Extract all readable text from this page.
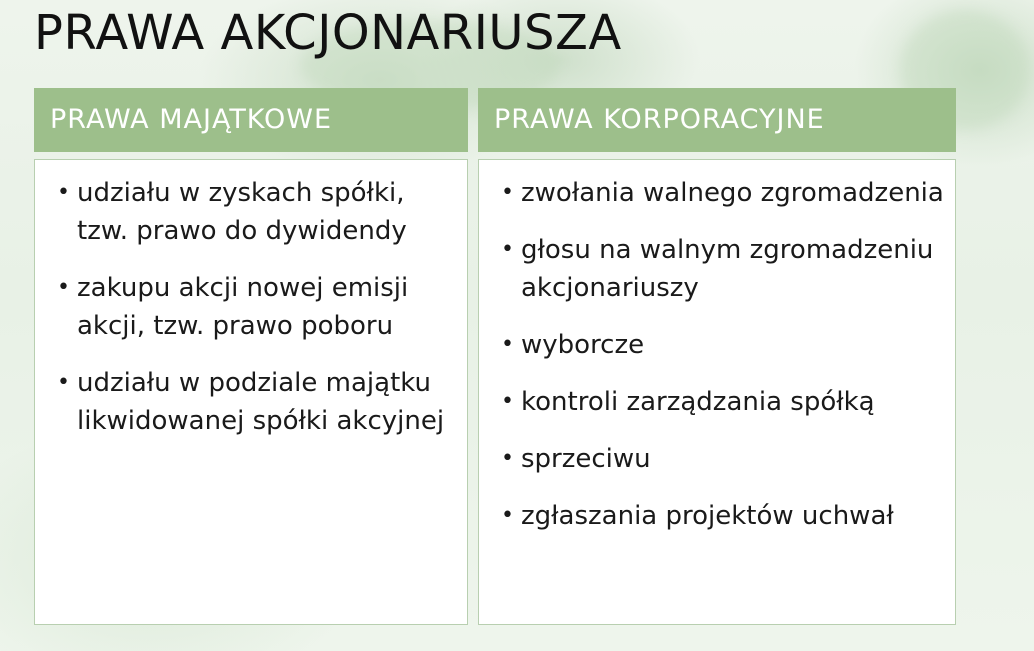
PRAWA AKCJONARIUSZA
PRAWA MAJĄTKOWE
• udziału w zyskach spółki, tzw. prawo do dywidendy
• zakupu akcji nowej emisji akcji, tzw. prawo poboru
• udziału w podziale majątku likwidowanej spółki akcyjnej
PRAWA KORPORACYJNE
• zwołania walnego zgromadzenia
• głosu na walnym zgromadzeniu akcjonariuszy
• wyborcze
• kontroli zarządzania spółką
• sprzeciwu
• zgłaszania projektów uchwał
